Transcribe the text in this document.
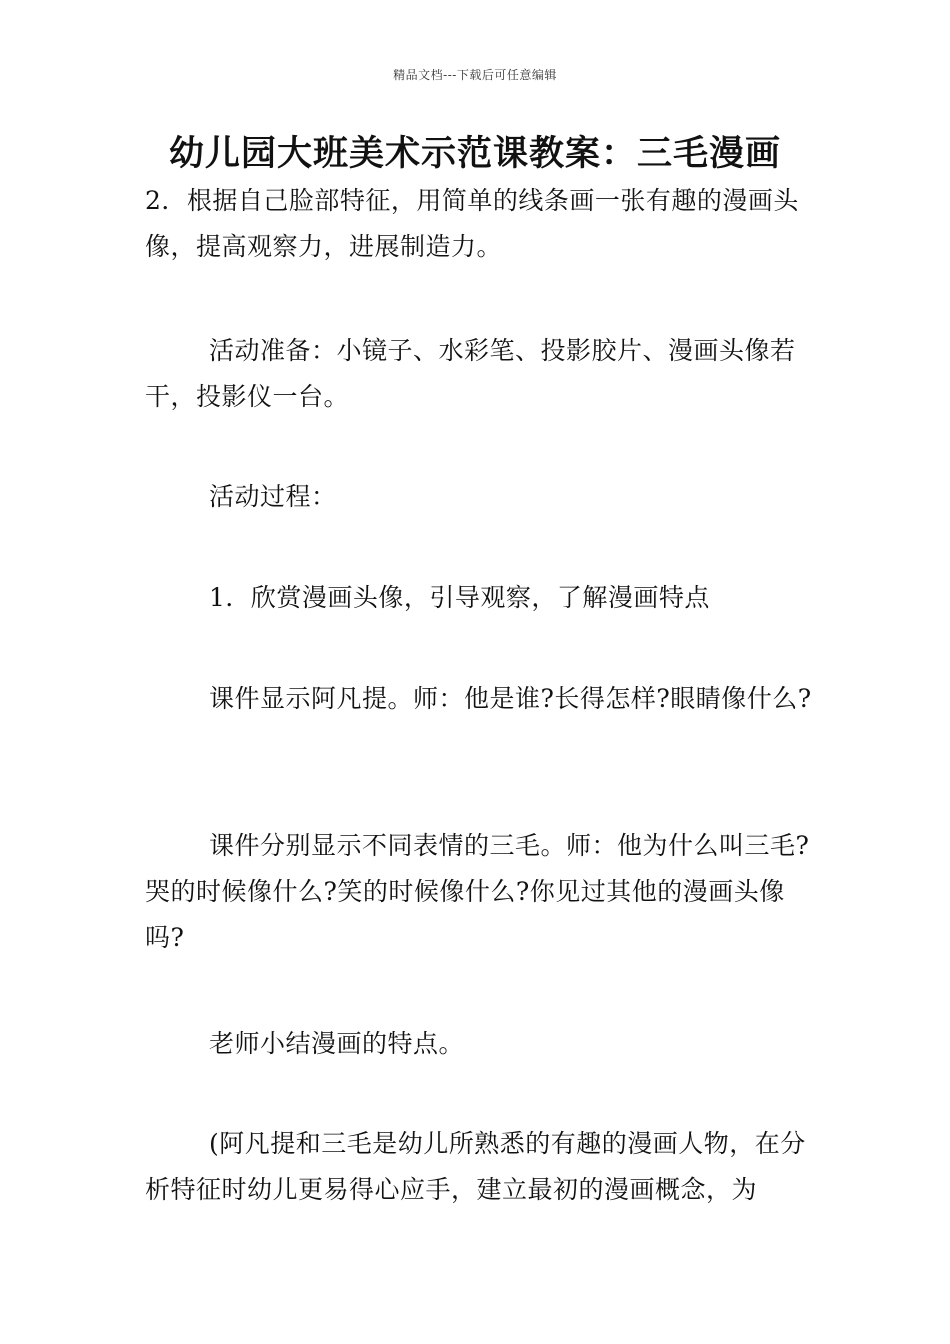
精品文档---下载后可任意编辑
幼儿园大班美术示范课教案：三毛漫画

2．根据自己脸部特征，用简单的线条画一张有趣的漫画头像，提高观察力，进展制造力。

活动准备：小镜子、水彩笔、投影胶片、漫画头像若干，投影仪一台。

活动过程：

1．欣赏漫画头像，引导观察，了解漫画特点

课件显示阿凡提。师：他是谁?长得怎样?眼睛像什么?

课件分别显示不同表情的三毛。师：他为什么叫三毛?哭的时候像什么?笑的时候像什么?你见过其他的漫画头像吗?

老师小结漫画的特点。

(阿凡提和三毛是幼儿所熟悉的有趣的漫画人物，在分析特征时幼儿更易得心应手，建立最初的漫画概念，为
